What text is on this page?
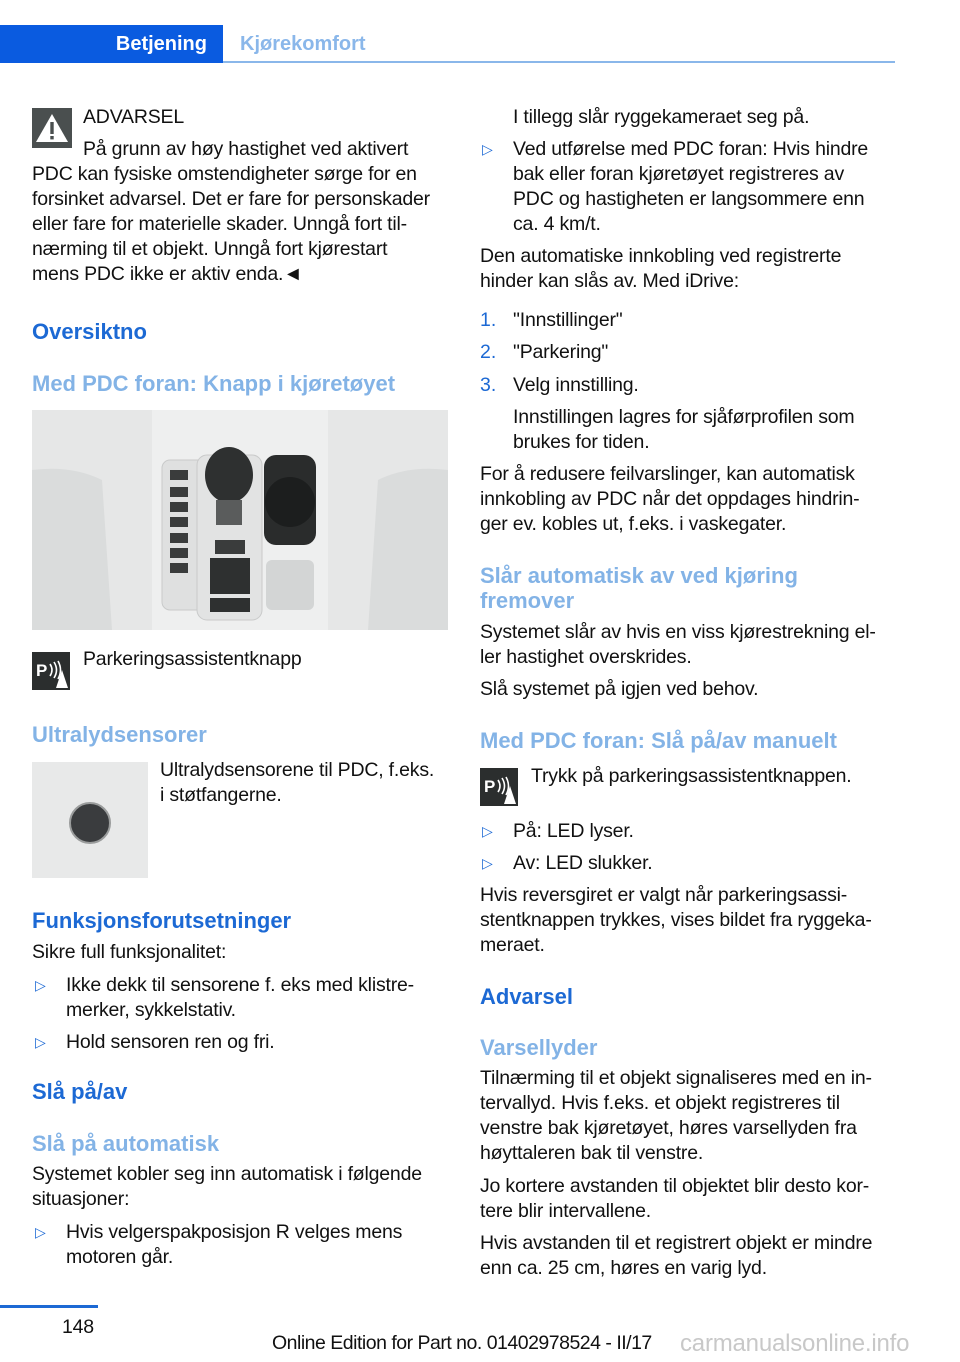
Betjening	Kjørekomfort
ADVARSEL
På grunn av høy hastighet ved aktivert
PDC kan fysiske omstendigheter sørge for en
forsinket advarsel. Det er fare for personskader
eller fare for materielle skader. Unngå fort til-
nærming til et objekt. Unngå fort kjørestart
mens PDC ikke er aktiv enda.◄
Oversiktno
Med PDC foran: Knapp i kjøretøyet
P
Parkeringsassistentknapp
Ultralydsensorer
Ultralydsensorene til PDC, f.eks.
i støtfangerne.
Funksjonsforutsetninger
Sikre full funksjonalitet:
▷ Ikke dekk til sensorene f. eks med klistre-
merker, sykkelstativ.
▷ Hold sensoren ren og fri.
Slå på/av
Slå på automatisk
Systemet kobler seg inn automatisk i følgende
situasjoner:
▷ Hvis velgerspakposisjon R velges mens
motoren går.
I tillegg slår ryggekameraet seg på.
▷ Ved utførelse med PDC foran: Hvis hindre
bak eller foran kjøretøyet registreres av
PDC og hastigheten er langsommere enn
ca. 4 km/t.
Den automatiske innkobling ved registrerte
hinder kan slås av. Med iDrive:
1. "Innstillinger"
2. "Parkering"
3. Velg innstilling.
Innstillingen lagres for sjåførprofilen som
brukes for tiden.
For å redusere feilvarslinger, kan automatisk
innkobling av PDC når det oppdages hindrin-
ger ev. kobles ut, f.eks. i vaskegater.
Slår automatisk av ved kjøring
fremover
Systemet slår av hvis en viss kjørestrekning el-
ler hastighet overskrides.
Slå systemet på igjen ved behov.
Med PDC foran: Slå på/av manuelt
P Trykk på parkeringsassistentknappen.
▷ På: LED lyser.
▷ Av: LED slukker.
Hvis reversgiret er valgt når parkeringsassi-
stentknappen trykkes, vises bildet fra ryggeka-
meraet.
Advarsel
Varsellyder
Tilnærming til et objekt signaliseres med en in-
tervallyd. Hvis f.eks. et objekt registreres til
venstre bak kjøretøyet, høres varsellyden fra
høyttaleren bak til venstre.
Jo kortere avstanden til objektet blir desto kor-
tere blir intervallene.
Hvis avstanden til et registrert objekt er mindre
enn ca. 25 cm, høres en varig lyd.
148
Online Edition for Part no. 01402978524 - II/17 carmanualsonline.info
